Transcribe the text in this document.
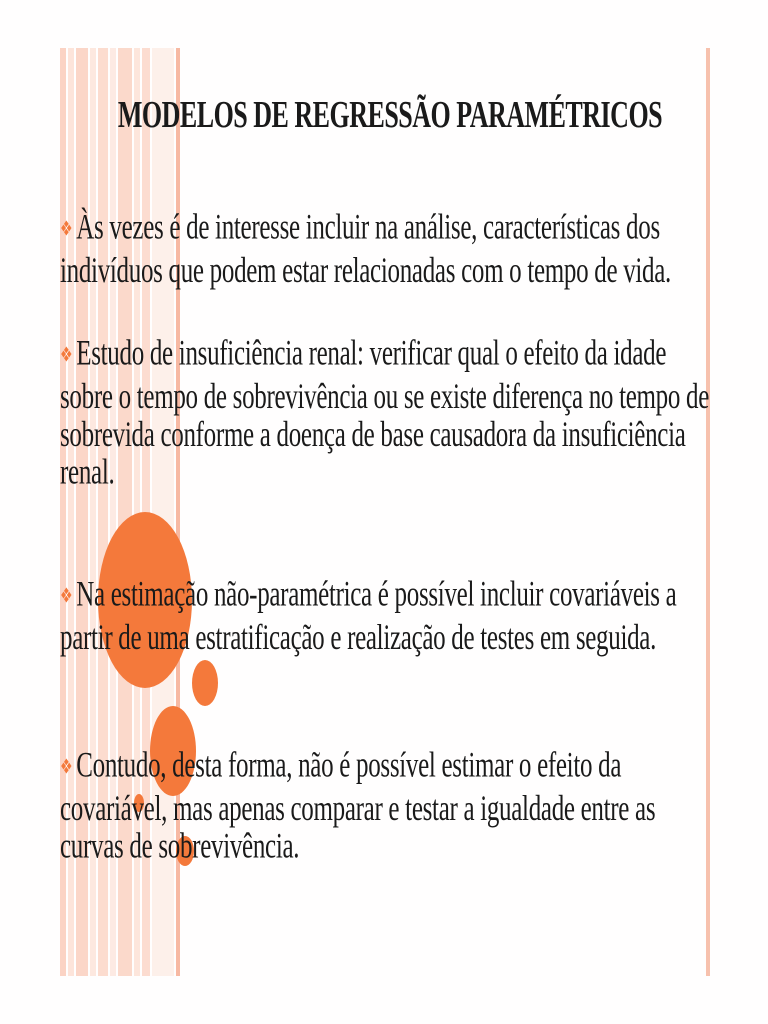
MODELOS DE REGRESSÃO PARAMÉTRICOS

❖ Às vezes é de interesse incluir na análise, características dos indivíduos que podem estar relacionadas com o tempo de vida.

❖ Estudo de insuficiência renal: verificar qual o efeito da idade sobre o tempo de sobrevivência ou se existe diferença no tempo de sobrevida conforme a doença de base causadora da insuficiência renal.

❖ Na estimação não-paramétrica é possível incluir covariáveis a partir de uma estratificação e realização de testes em seguida.

❖ Contudo, desta forma, não é possível estimar o efeito da covariável, mas apenas comparar e testar a igualdade entre as curvas de sobrevivência.
